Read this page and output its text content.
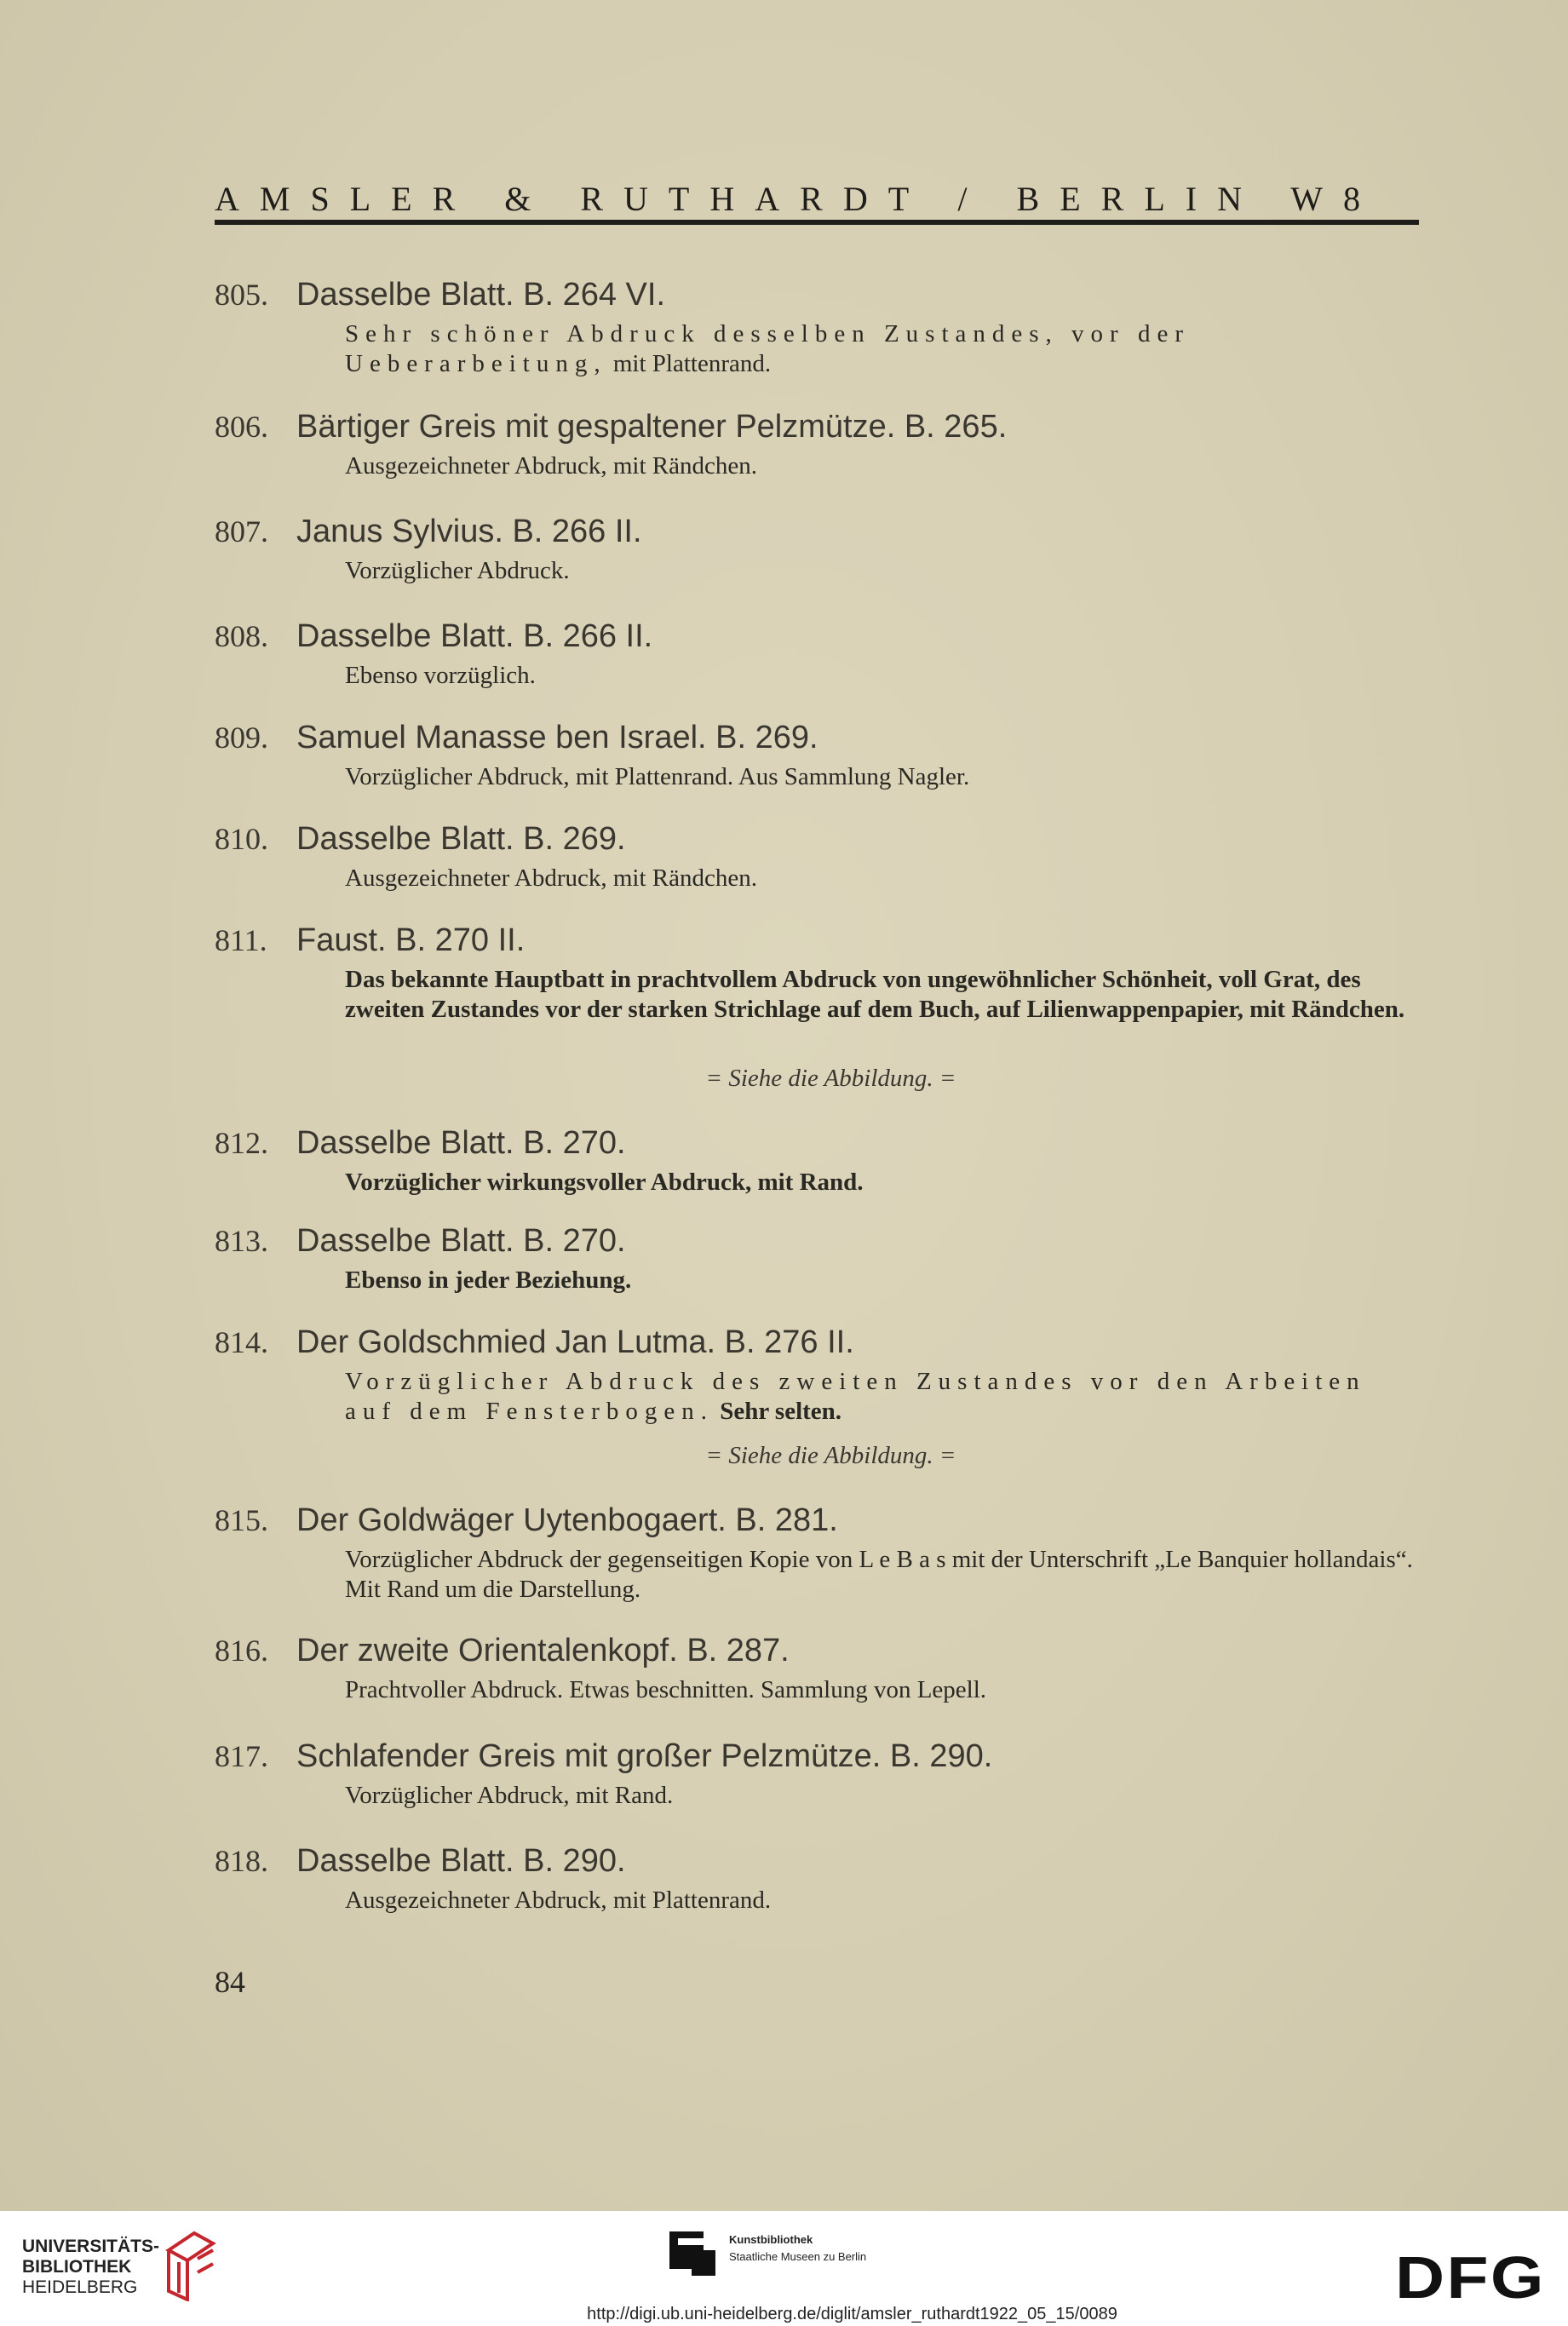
AMSLER & RUTHARDT / BERLIN W8
805. Dasselbe Blatt. B. 264 VI.
Sehr schöner Abdruck desselben Zustandes, vor der Ueberarbeitung, mit Plattenrand.
806. Bärtiger Greis mit gespaltener Pelzmütze. B. 265.
Ausgezeichneter Abdruck, mit Rändchen.
807. Janus Sylvius. B. 266 II.
Vorzüglicher Abdruck.
808. Dasselbe Blatt. B. 266 II.
Ebenso vorzüglich.
809. Samuel Manasse ben Israel. B. 269.
Vorzüglicher Abdruck, mit Plattenrand. Aus Sammlung Nagler.
810. Dasselbe Blatt. B. 269.
Ausgezeichneter Abdruck, mit Rändchen.
811. Faust. B. 270 II.
Das bekannte Hauptbatt in prachtvollem Abdruck von ungewöhnlicher Schönheit, voll Grat, des zweiten Zustandes vor der starken Strichlage auf dem Buch, auf Lilienwappenpapier, mit Rändchen.
= Siehe die Abbildung. =
812. Dasselbe Blatt. B. 270.
Vorzüglicher wirkungsvoller Abdruck, mit Rand.
813. Dasselbe Blatt. B. 270.
Ebenso in jeder Beziehung.
814. Der Goldschmied Jan Lutma. B. 276 II.
Vorzüglicher Abdruck des zweiten Zustandes vor den Arbeiten auf dem Fensterbogen. Sehr selten.
= Siehe die Abbildung. =
815. Der Goldwäger Uytenbogaert. B. 281.
Vorzüglicher Abdruck der gegenseitigen Kopie von L e B a s mit der Unterschrift „Le Banquier hollandais“. Mit Rand um die Darstellung.
816. Der zweite Orientalenkopf. B. 287.
Prachtvoller Abdruck. Etwas beschnitten. Sammlung von Lepell.
817. Schlafender Greis mit großer Pelzmütze. B. 290.
Vorzüglicher Abdruck, mit Rand.
818. Dasselbe Blatt. B. 290.
Ausgezeichneter Abdruck, mit Plattenrand.
84
UNIVERSITÄTS-
BIBLIOTHEK
HEIDELBERG
Kunstbibliothek
Staatliche Museen zu Berlin	DFG
http://digi.ub.uni-heidelberg.de/diglit/amsler_ruthardt1922_05_15/0089
